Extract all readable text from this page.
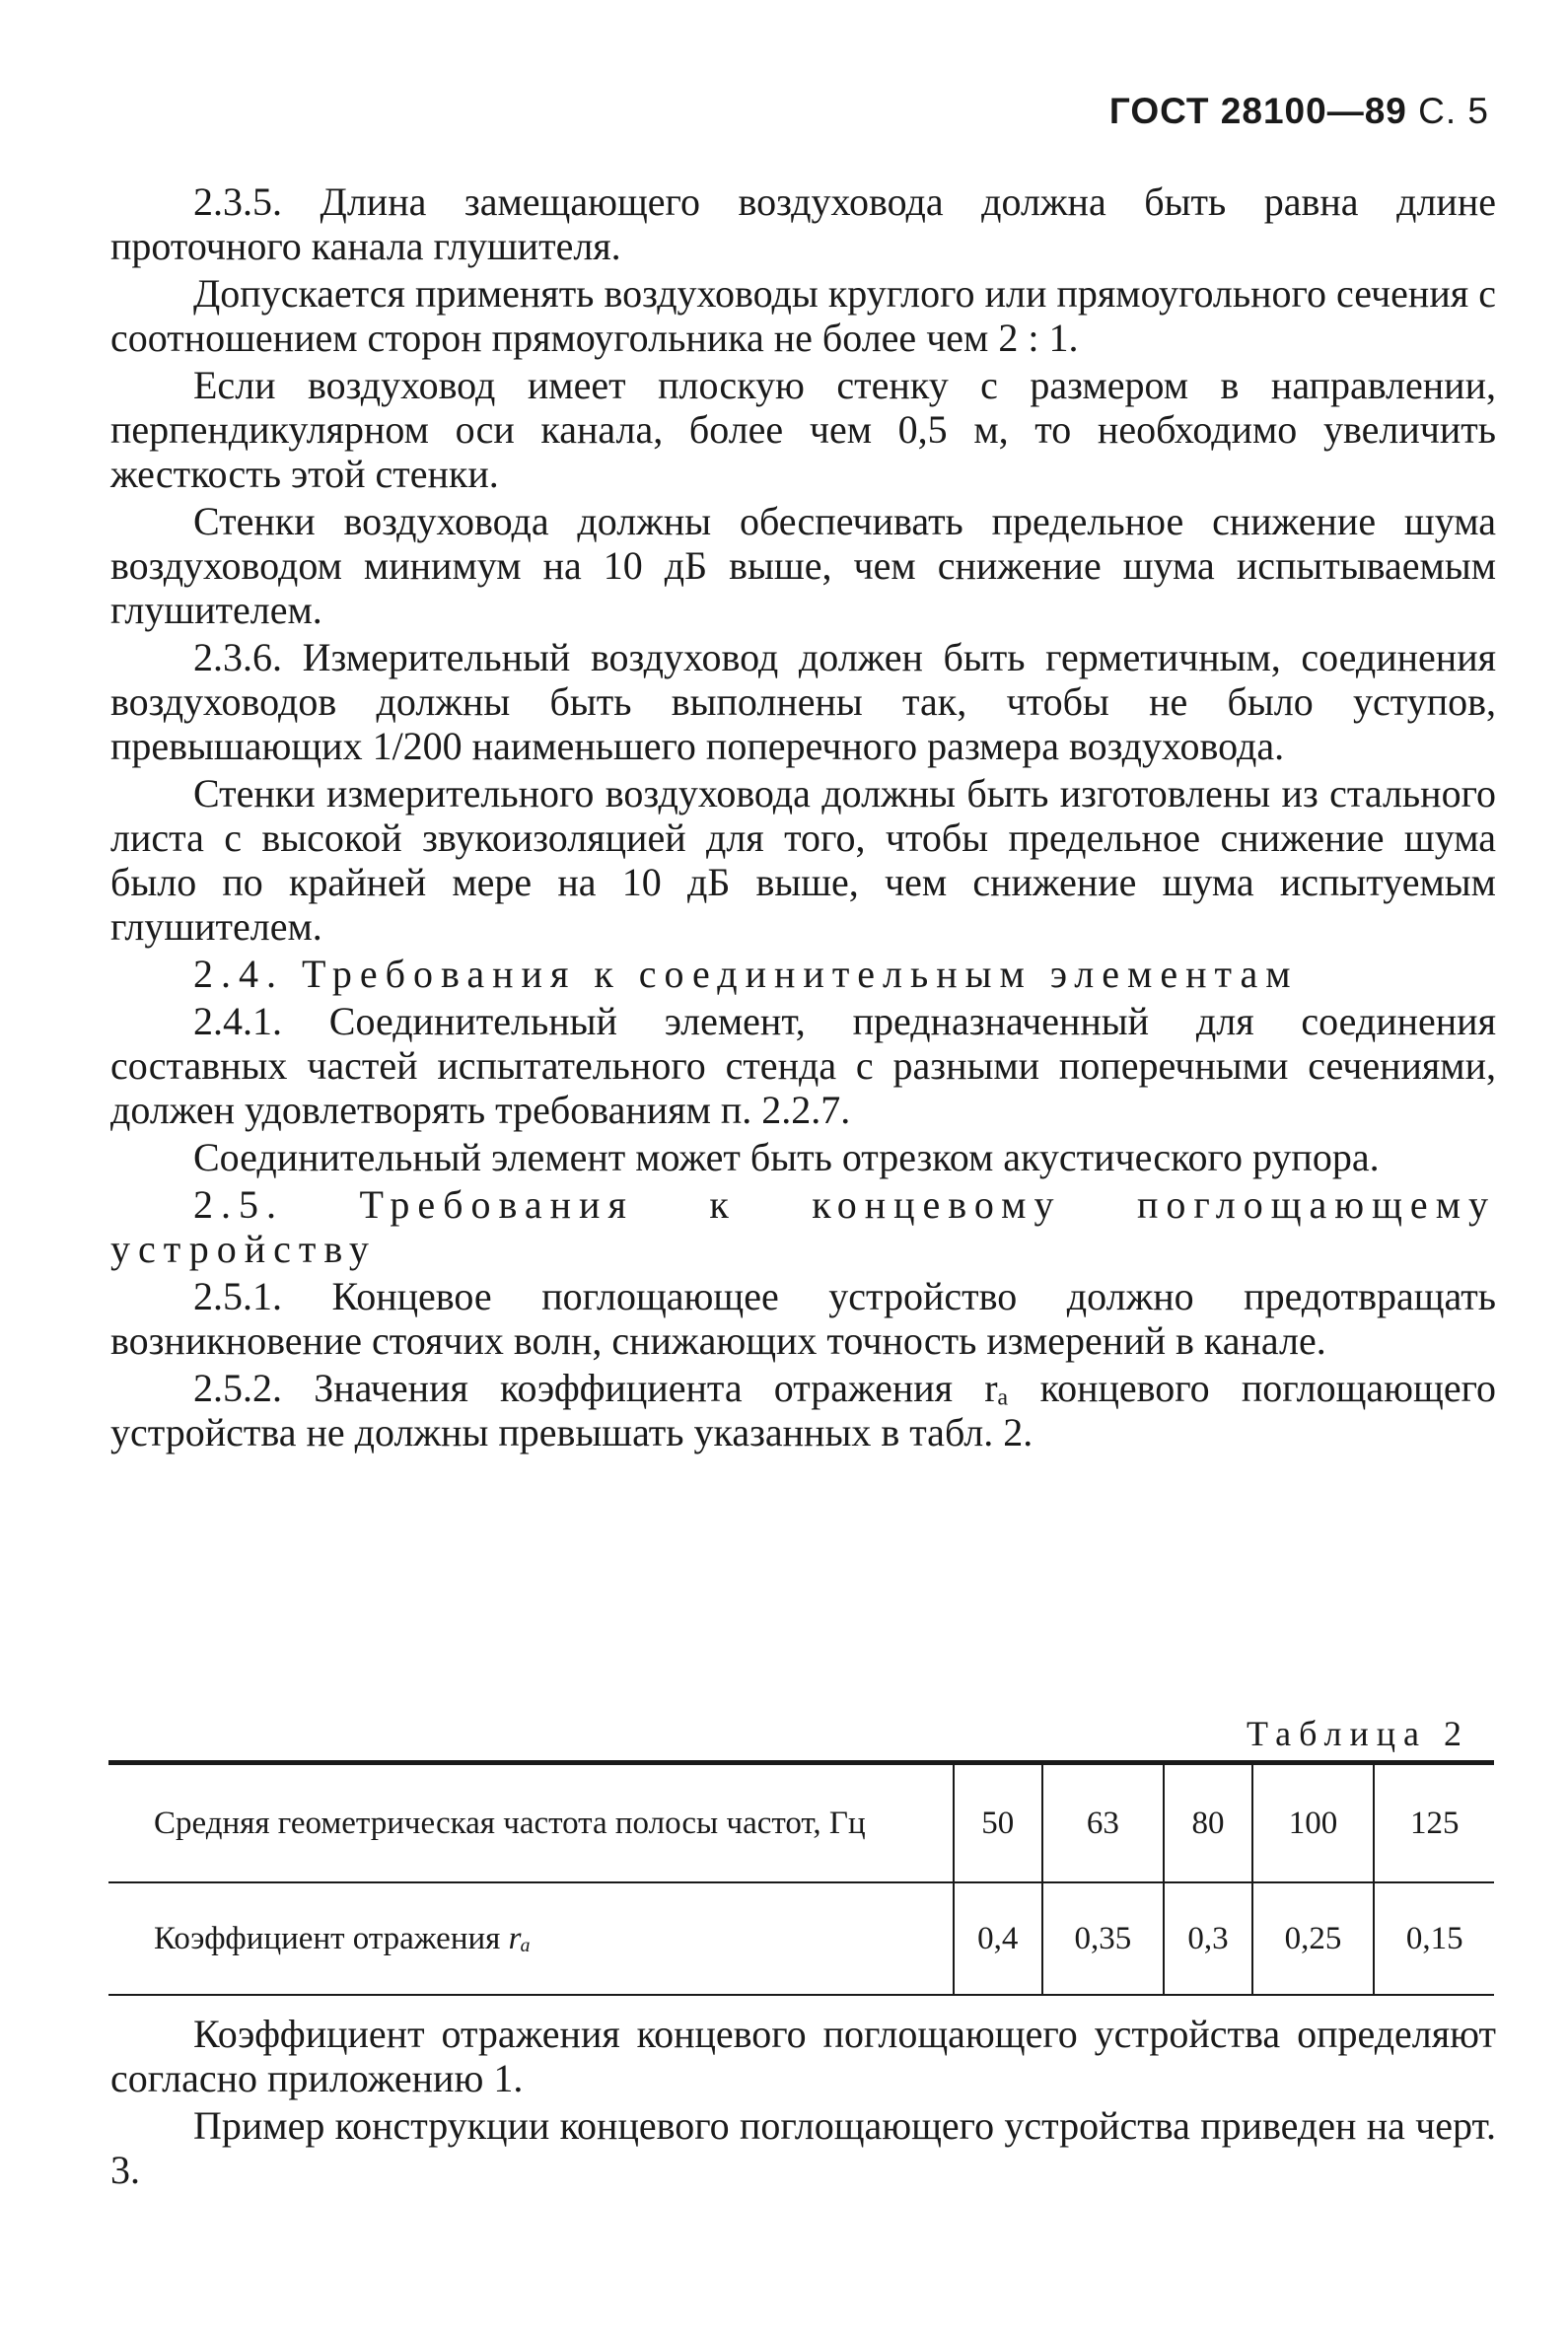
ГОСТ 28100—89 С. 5

2.3.5. Длина замещающего воздуховода должна быть равна длине проточного канала глушителя.

Допускается применять воздуховоды круглого или прямоугольного сечения с соотношением сторон прямоугольника не более чем 2 : 1.

Если воздуховод имеет плоскую стенку с размером в направлении, перпендикулярном оси канала, более чем 0,5 м, то необходимо увеличить жесткость этой стенки.

Стенки воздуховода должны обеспечивать предельное снижение шума воздуховодом минимум на 10 дБ выше, чем снижение шума испытываемым глушителем.

2.3.6. Измерительный воздуховод должен быть герметичным, соединения воздуховодов должны быть выполнены так, чтобы не было уступов, превышающих 1/200 наименьшего поперечного размера воздуховода.

Стенки измерительного воздуховода должны быть изготовлены из стального листа с высокой звукоизоляцией для того, чтобы предельное снижение шума было по крайней мере на 10 дБ выше, чем снижение шума испытуемым глушителем.

2.4. Требования к соединительным элементам

2.4.1. Соединительный элемент, предназначенный для соединения составных частей испытательного стенда с разными поперечными сечениями, должен удовлетворять требованиям п. 2.2.7.

Соединительный элемент может быть отрезком акустического рупора.

2.5. Требования к концевому поглощающему устройству

2.5.1. Концевое поглощающее устройство должно предотвращать возникновение стоячих волн, снижающих точность измерений в канале.

2.5.2. Значения коэффициента отражения rₐ концевого поглощающего устройства не должны превышать указанных в табл. 2.

Таблица 2
Средняя геометрическая частота полосы частот, Гц	50	63	80	100	125
Коэффициент отражения rₐ	0,4	0,35	0,3	0,25	0,15

Коэффициент отражения концевого поглощающего устройства определяют согласно приложению 1.

Пример конструкции концевого поглощающего устройства приведен на черт. 3.
